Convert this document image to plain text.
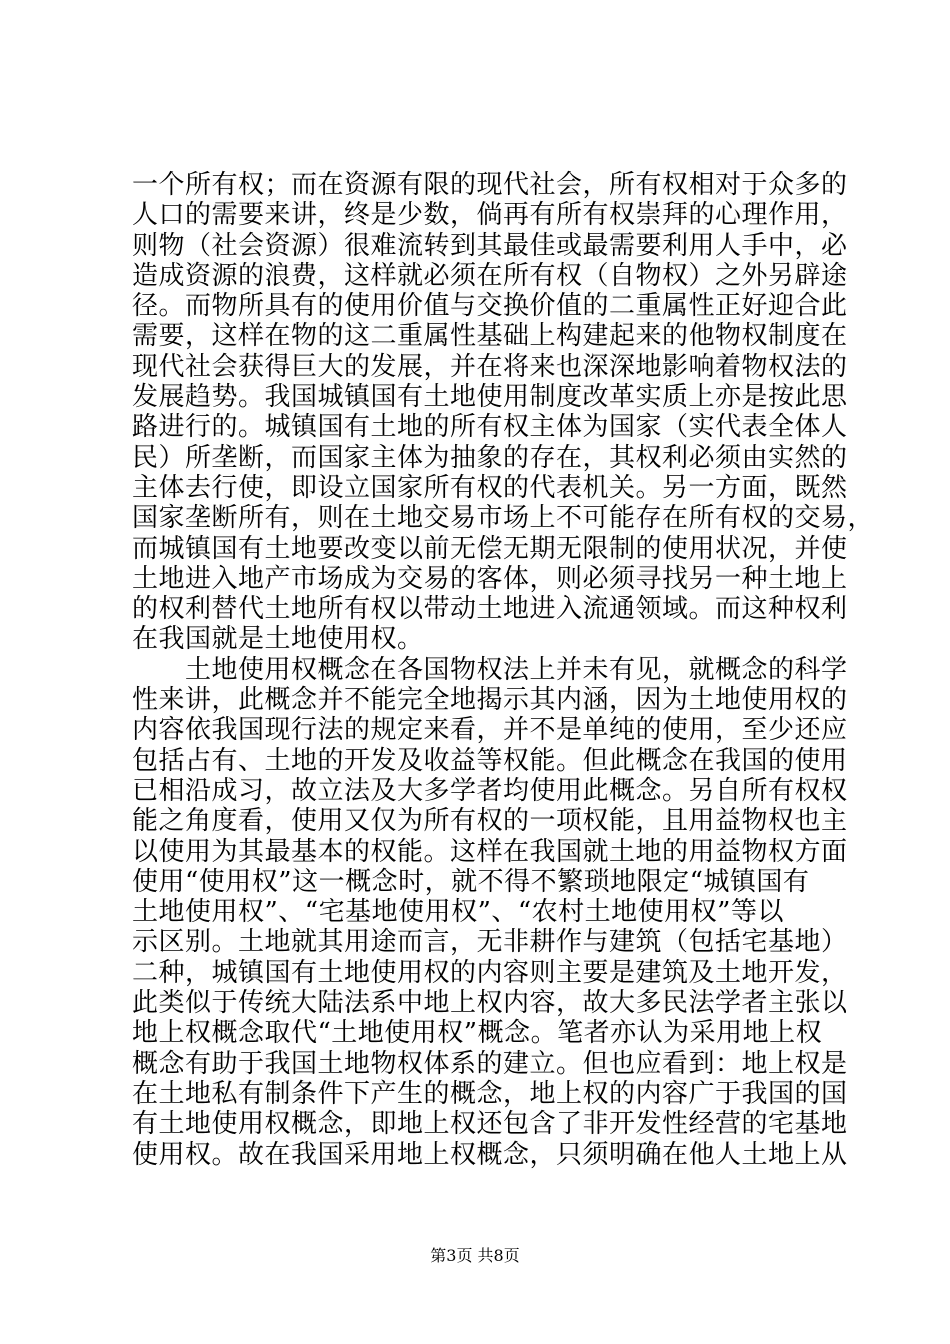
一个所有权；而在资源有限的现代社会，所有权相对于众多的
人口的需要来讲，终是少数，倘再有所有权崇拜的心理作用，
则物（社会资源）很难流转到其最佳或最需要利用人手中，必
造成资源的浪费，这样就必须在所有权（自物权）之外另辟途
径。而物所具有的使用价值与交换价值的二重属性正好迎合此
需要，这样在物的这二重属性基础上构建起来的他物权制度在
现代社会获得巨大的发展，并在将来也深深地影响着物权法的
发展趋势。我国城镇国有土地使用制度改革实质上亦是按此思
路进行的。城镇国有土地的所有权主体为国家（实代表全体人
民）所垄断，而国家主体为抽象的存在，其权利必须由实然的
主体去行使，即设立国家所有权的代表机关。另一方面，既然
国家垄断所有，则在土地交易市场上不可能存在所有权的交易，
而城镇国有土地要改变以前无偿无期无限制的使用状况，并使
土地进入地产市场成为交易的客体，则必须寻找另一种土地上
的权利替代土地所有权以带动土地进入流通领域。而这种权利
在我国就是土地使用权。
　　土地使用权概念在各国物权法上并未有见，就概念的科学
性来讲，此概念并不能完全地揭示其内涵，因为土地使用权的
内容依我国现行法的规定来看，并不是单纯的使用，至少还应
包括占有、土地的开发及收益等权能。但此概念在我国的使用
已相沿成习，故立法及大多学者均使用此概念。另自所有权权
能之角度看，使用又仅为所有权的一项权能，且用益物权也主
以使用为其最基本的权能。这样在我国就土地的用益物权方面
使用“使用权”这一概念时，就不得不繁琐地限定“城镇国有
土地使用权”、“宅基地使用权”、“农村土地使用权”等以
示区别。土地就其用途而言，无非耕作与建筑（包括宅基地）
二种，城镇国有土地使用权的内容则主要是建筑及土地开发，
此类似于传统大陆法系中地上权内容，故大多民法学者主张以
地上权概念取代“土地使用权”概念。笔者亦认为采用地上权
概念有助于我国土地物权体系的建立。但也应看到：地上权是
在土地私有制条件下产生的概念，地上权的内容广于我国的国
有土地使用权概念，即地上权还包含了非开发性经营的宅基地
使用权。故在我国采用地上权概念，只须明确在他人土地上从
第3页 共8页
